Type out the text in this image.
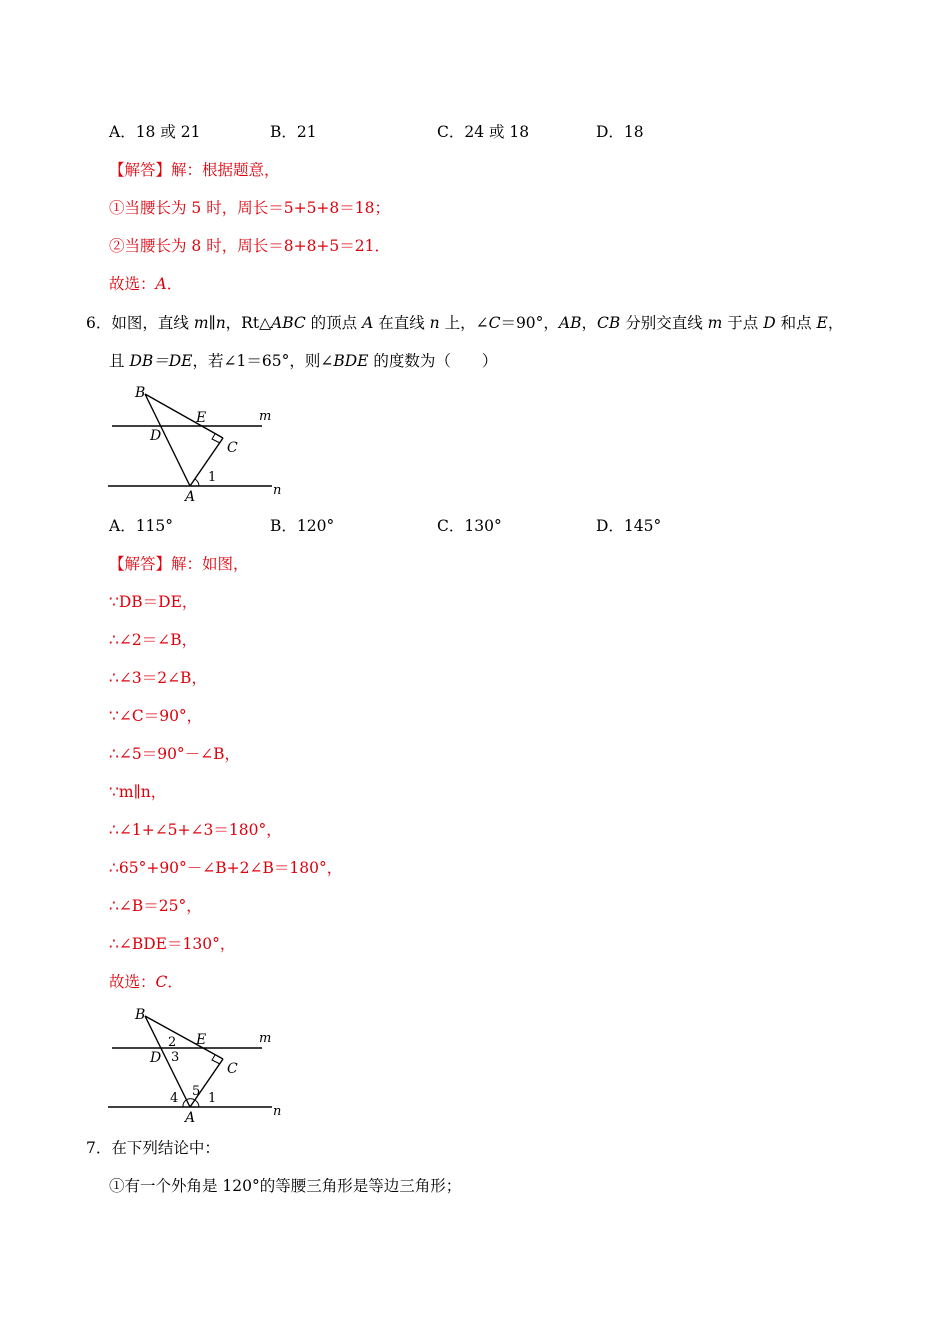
A．18 或 21	B．21	C．24 或 18	D．18
【解答】解：根据题意，
①当腰长为 5 时，周长＝5+5+8＝18；
②当腰长为 8 时，周长＝8+8+5＝21．
故选：A．
6．如图，直线 m∥n，Rt△ABC 的顶点 A 在直线 n 上，∠C＝90°，AB，CB 分别交直线 m 于点 D 和点 E，
且 DB＝DE，若∠1＝65°，则∠BDE 的度数为（　　）
B
E	m
D
C
1
A	n
A．115°	B．120°	C．130°	D．145°
【解答】解：如图，
∵DB＝DE，
∴∠2＝∠B，
∴∠3＝2∠B，
∵∠C＝90°，
∴∠5＝90°－∠B，
∵m∥n，
∴∠1+∠5+∠3＝180°，
∴65°+90°－∠B+2∠B＝180°，
∴∠B＝25°，
∴∠BDE＝130°，
故选：C．
B
2 E	m
D 3
C
4 5 1
A	n
7．在下列结论中：
①有一个外角是 120°的等腰三角形是等边三角形；
